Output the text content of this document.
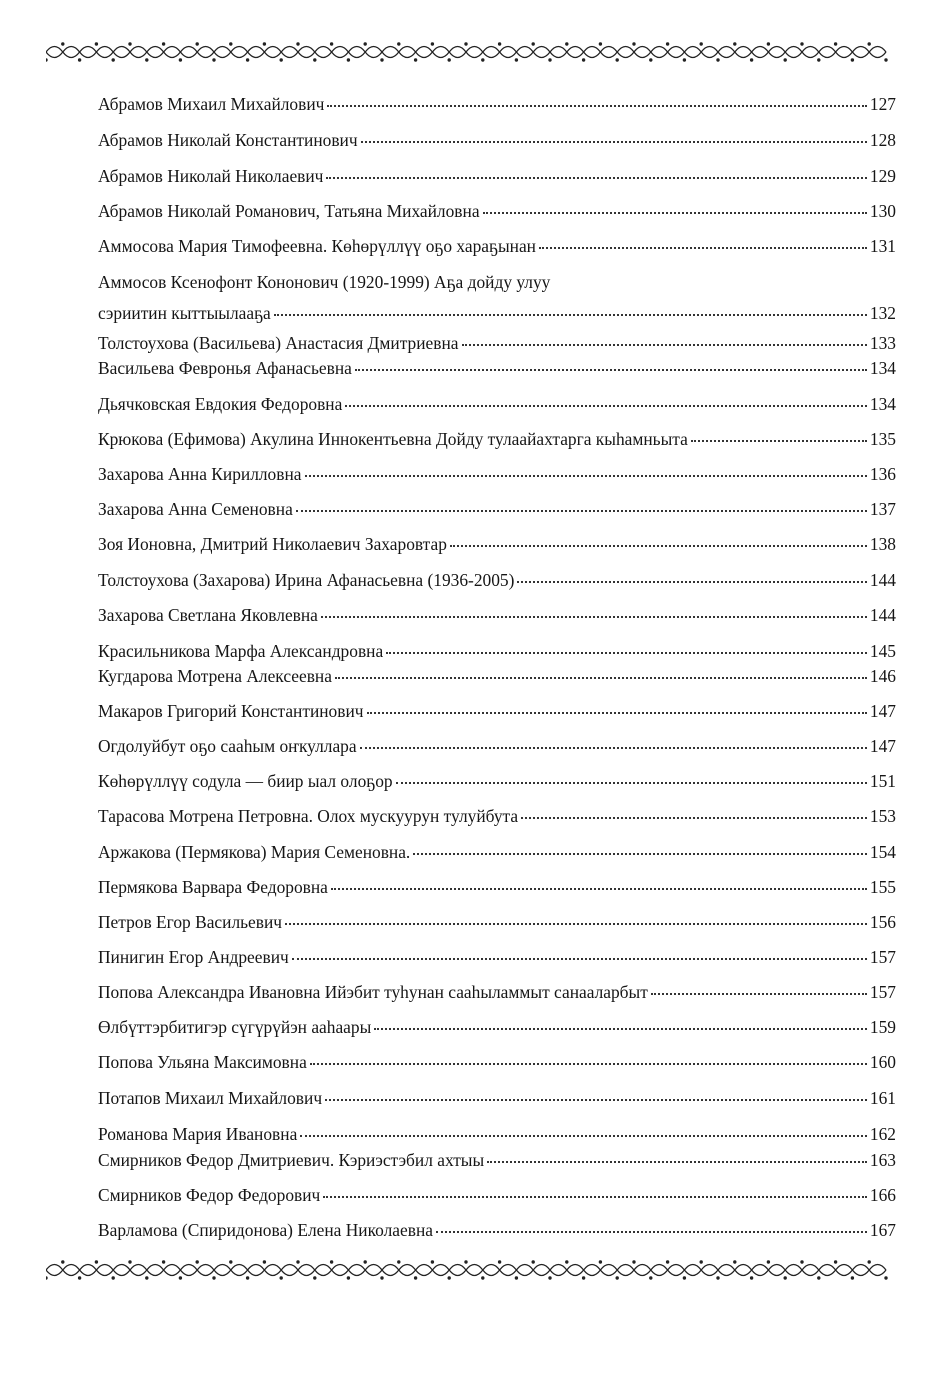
Абрамов Михаил Михайлович	127
Абрамов Николай Константинович	128
Абрамов Николай Николаевич	129
Абрамов Николай Романович, Татьяна Михайловна	130
Аммосова Мария Тимофеевна. Көһөрүллүү оҕо харaҕынан	131
Аммосов Ксенофонт Кононович (1920-1999) Аҕа дойду улуу
сэриитин кыттыылааҕа	132
Толстоухова (Васильева) Анастасия Дмитриевна	133
Васильева Февронья Афанасьевна	134
Дьячковская Евдокия Федоровна	134
Крюкова (Ефимова) Акулина Иннокентьевна Дойду тулаайахтарга кыһамньыта	135
Захарова Анна Кирилловна	136
Захарова Анна Семеновна	137
Зоя Ионовна, Дмитрий Николаевич Захаровтар	138
Толстоухова (Захарова) Ирина Афанасьевна (1936-2005)	144
Захарова Светлана Яковлевна	144
Красильникова Марфа Александровна	145
Кугдарова Мотрена Алексеевна	146
Макаров Григорий Константинович	147
Огдолуйбут оҕо сааһым оҥкуллара	147
Көһөрүллүү содула — биир ыал олоҕор	151
Тарасова Мотрена Петровна. Олох мускуурун тулуйбута	153
Аржакова (Пермякова) Мария Семеновна.	154
Пермякова Варвара Федоровна	155
Петров Егор Васильевич	156
Пинигин Егор Андреевич	157
Попова Александра Ивановна Ийэбит туһунан сааһыламмыт санааларбыт	157
Өлбүттэрбитигэр сүгүрүйэн ааһаары	159
Попова Ульяна Максимовна	160
Потапов Михаил Михайлович	161
Романова Мария Ивановна	162
Смирников Федор Дмитриевич. Кэриэстэбил ахтыы	163
Смирников Федор Федорович	166
Варламова (Спиридонова) Елена Николаевна	167
